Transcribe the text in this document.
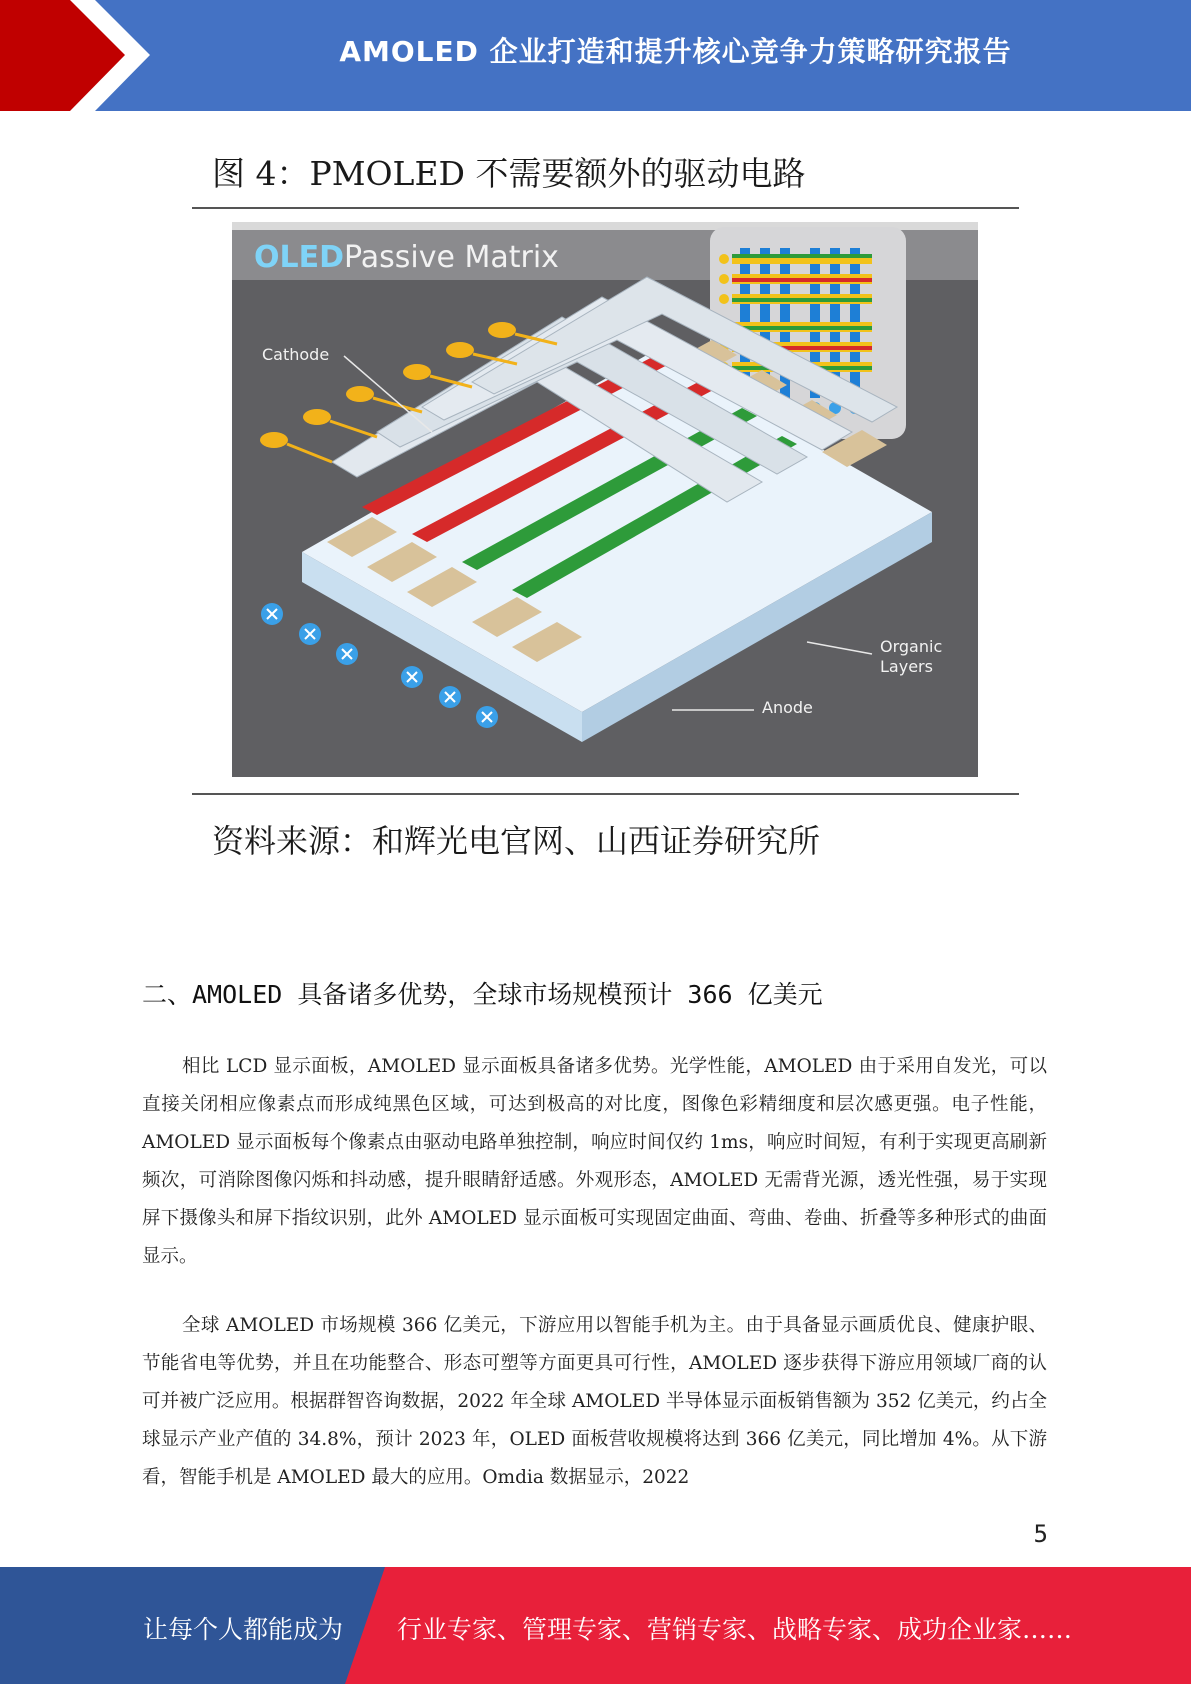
AMOLED 企业打造和提升核心竞争力策略研究报告
图 4：PMOLED 不需要额外的驱动电路
OLED Passive Matrix
Cathode
Organic
Layers
Anode
资料来源：和辉光电官网、山西证券研究所
二、AMOLED 具备诸多优势，全球市场规模预计 366 亿美元

相比 LCD 显示面板，AMOLED 显示面板具备诸多优势。光学性能，AMOLED 由于采用自发光，可以直接关闭相应像素点而形成纯黑色区域，可达到极高的对比度，图像色彩精细度和层次感更强。电子性能，AMOLED 显示面板每个像素点由驱动电路单独控制，响应时间仅约 1ms，响应时间短，有利于实现更高刷新频次，可消除图像闪烁和抖动感，提升眼睛舒适感。外观形态，AMOLED 无需背光源，透光性强，易于实现屏下摄像头和屏下指纹识别，此外 AMOLED 显示面板可实现固定曲面、弯曲、卷曲、折叠等多种形式的曲面显示。

全球 AMOLED 市场规模 366 亿美元，下游应用以智能手机为主。由于具备显示画质优良、健康护眼、节能省电等优势，并且在功能整合、形态可塑等方面更具可行性，AMOLED 逐步获得下游应用领域厂商的认可并被广泛应用。根据群智咨询数据，2022 年全球 AMOLED 半导体显示面板销售额为 352 亿美元，约占全球显示产业产值的 34.8%，预计 2023 年，OLED 面板营收规模将达到 366 亿美元，同比增加 4%。从下游看，智能手机是 AMOLED 最大的应用。Omdia 数据显示，2022

5
让每个人都能成为 行业专家、管理专家、营销专家、战略专家、成功企业家……
